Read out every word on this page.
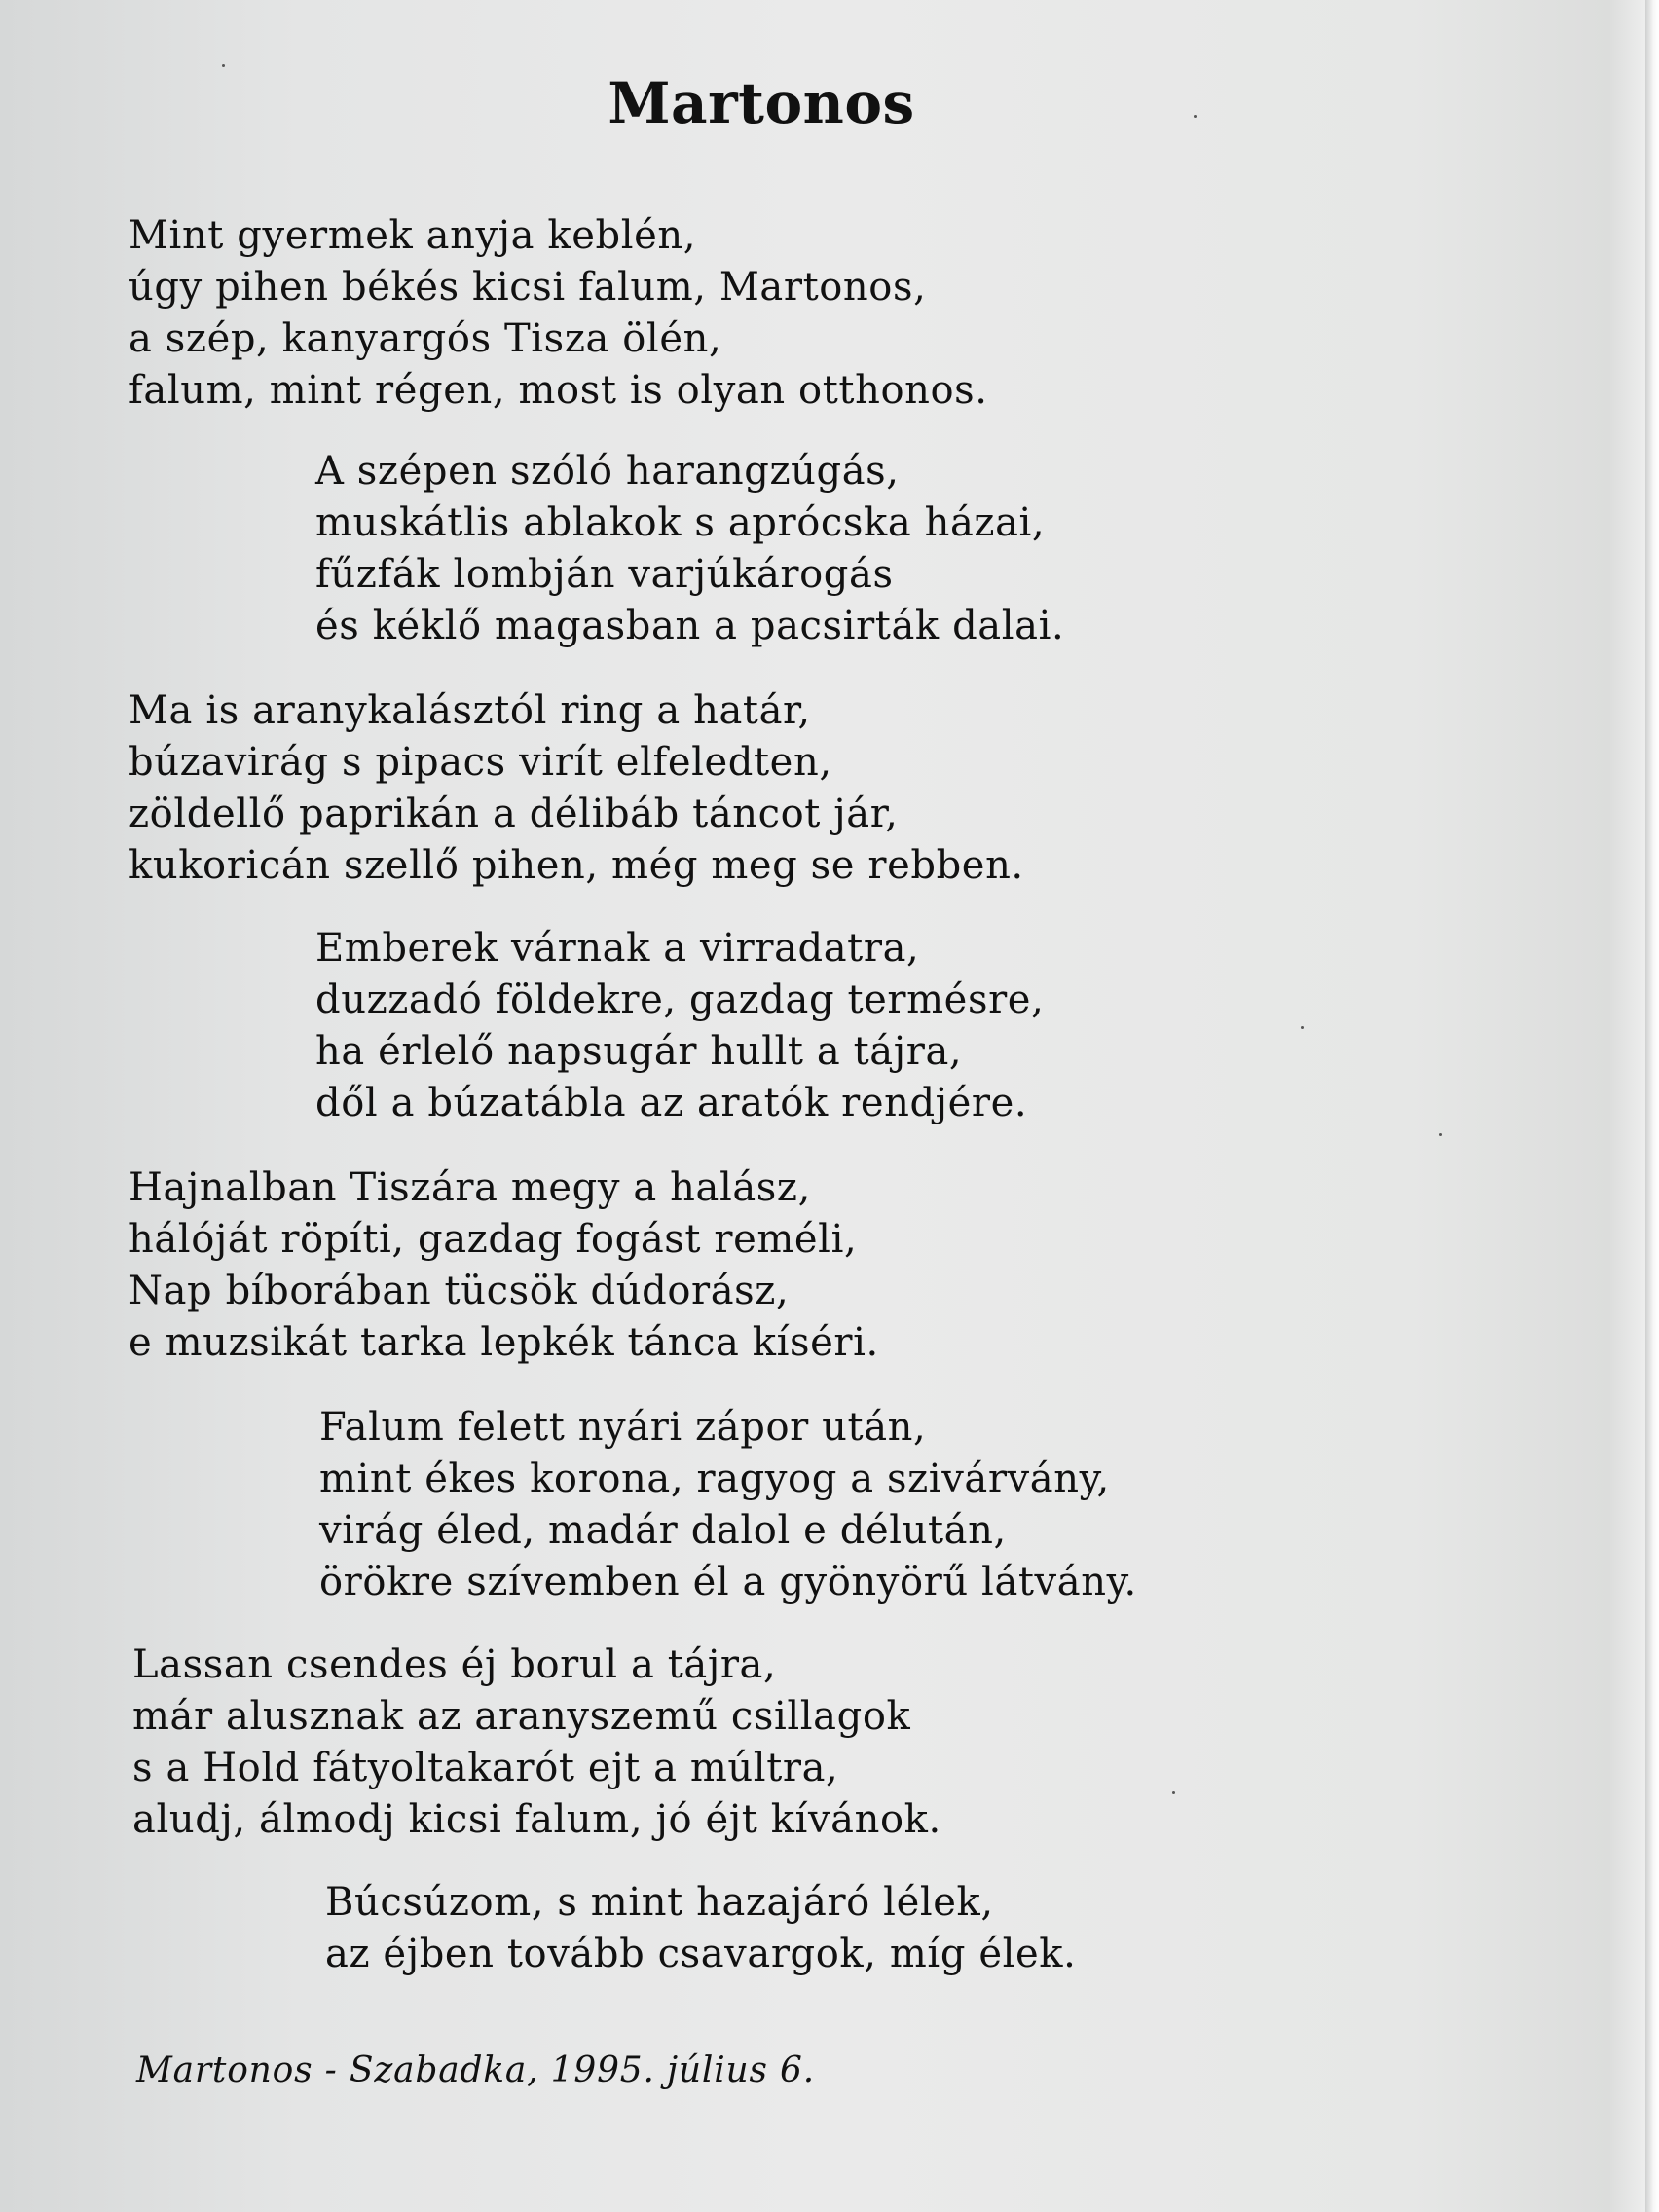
Martonos

Mint gyermek anyja keblén,
úgy pihen békés kicsi falum, Martonos,
a szép, kanyargós Tisza ölén,
falum, mint régen, most is olyan otthonos.

A szépen szóló harangzúgás,
muskátlis ablakok s aprócska házai,
fűzfák lombján varjúkárogás
és kéklő magasban a pacsirták dalai.

Ma is aranykalásztól ring a határ,
búzavirág s pipacs virít elfeledten,
zöldellő paprikán a délibáb táncot jár,
kukoricán szellő pihen, még meg se rebben.

Emberek várnak a virradatra,
duzzadó földekre, gazdag termésre,
ha érlelő napsugár hullt a tájra,
dől a búzatábla az aratók rendjére.

Hajnalban Tiszára megy a halász,
hálóját röpíti, gazdag fogást reméli,
Nap bíborában tücsök dúdorász,
e muzsikát tarka lepkék tánca kíséri.

Falum felett nyári zápor után,
mint ékes korona, ragyog a szivárvány,
virág éled, madár dalol e délután,
örökre szívemben él a gyönyörű látvány.

Lassan csendes éj borul a tájra,
már alusznak az aranyszemű csillagok
s a Hold fátyoltakarót ejt a múltra,
aludj, álmodj kicsi falum, jó éjt kívánok.

Búcsúzom, s mint hazajáró lélek,
az éjben tovább csavargok, míg élek.

Martonos - Szabadka, 1995. július 6.
